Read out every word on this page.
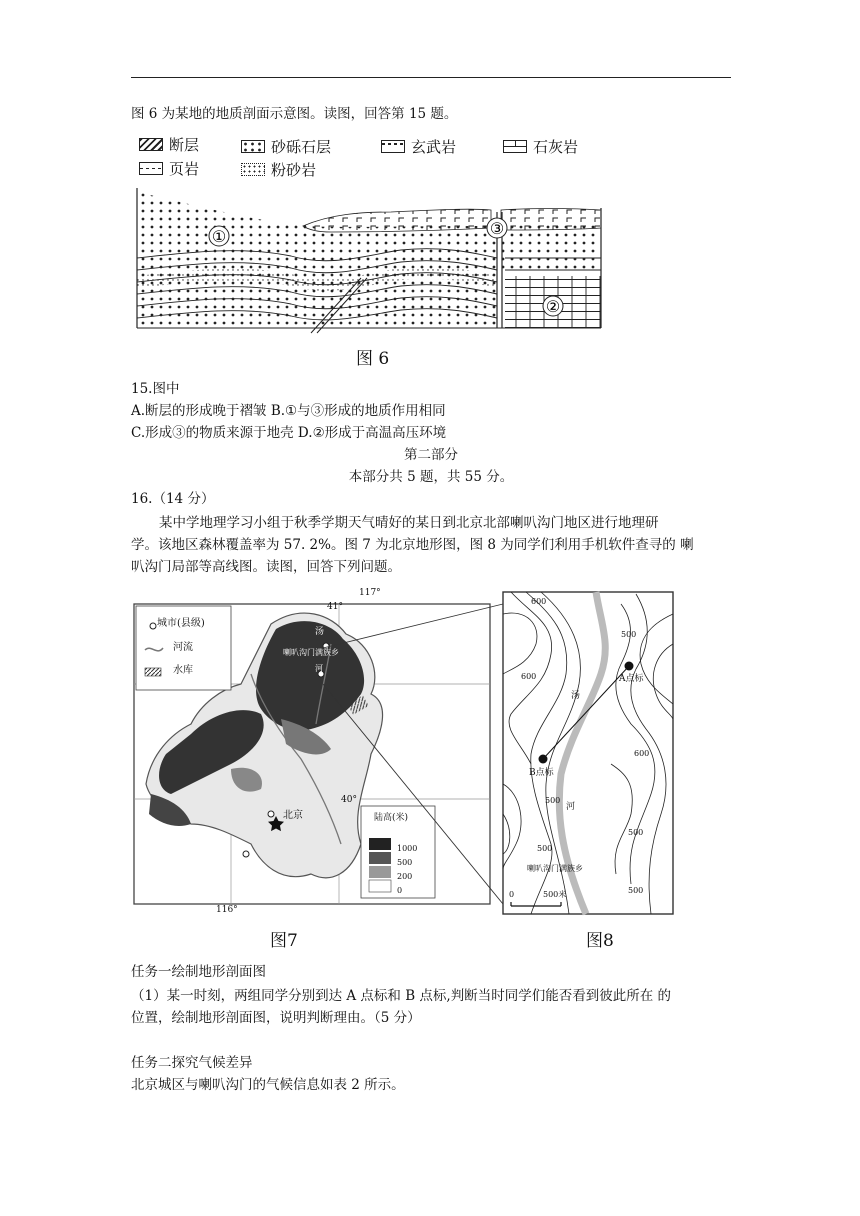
图 6 为某地的地质剖面示意图。读图，回答第 15 题。
断层	砂砾石层	玄武岩	石灰岩
页岩	粉砂岩
①	③
②
图 6
15.图中
A.断层的形成晚于褶皱 B.①与③形成的地质作用相同
C.形成③的物质来源于地壳 D.②形成于高温高压环境
第二部分
本部分共 5 题，共 55 分。
16.（14 分）
某中学地理学习小组于秋季学期天气晴好的某日到北京北部喇叭沟门地区进行地理研
学。该地区森林覆盖率为 57. 2%。图 7 为北京地形图，图 8 为同学们利用手机软件查寻的 喇
叭沟门局部等高线图。读图，回答下列问题。
城市(县级)
河流
水库
117°
41°
40°
116°
汤
喇叭沟门满族乡
河
北京	陆高(米)
1000
500
200
0
600
500
600
600
500
500
500
500
A点标
B点标
汤
河
喇叭沟门满族乡
0	500米
图7	图8
任务一绘制地形剖面图
（1）某一时刻，两组同学分别到达 A 点标和 B 点标,判断当时同学们能否看到彼此所在 的
位置，绘制地形剖面图，说明判断理由。（5 分）
任务二探究气候差异
北京城区与喇叭沟门的气候信息如表 2 所示。
